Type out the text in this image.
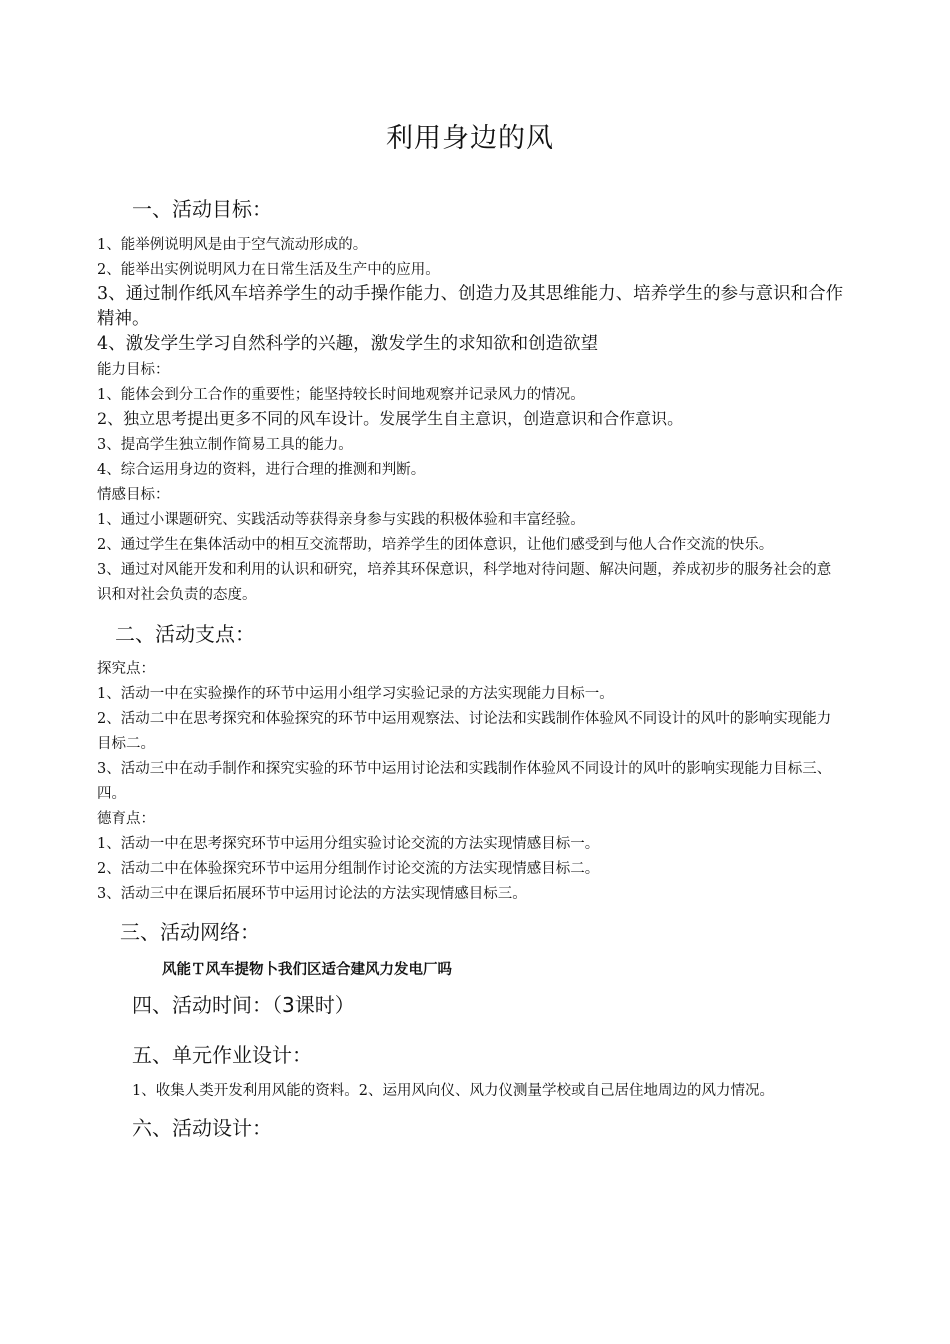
利用身边的风
一、活动目标：
1、能举例说明风是由于空气流动形成的。
2、能举出实例说明风力在日常生活及生产中的应用。
3、通过制作纸风车培养学生的动手操作能力、创造力及其思维能力、培养学生的参与意识和合作精神。
4、激发学生学习自然科学的兴趣，激发学生的求知欲和创造欲望
能力目标：
1、能体会到分工合作的重要性；能坚持较长时间地观察并记录风力的情况。
2、独立思考提出更多不同的风车设计。发展学生自主意识，创造意识和合作意识。
3、提高学生独立制作简易工具的能力。
4、综合运用身边的资料，进行合理的推测和判断。
情感目标：
1、通过小课题研究、实践活动等获得亲身参与实践的积极体验和丰富经验。
2、通过学生在集体活动中的相互交流帮助，培养学生的团体意识，让他们感受到与他人合作交流的快乐。
3、通过对风能开发和利用的认识和研究，培养其环保意识，科学地对待问题、解决问题，养成初步的服务社会的意识和对社会负责的态度。
二、活动支点：
探究点：
1、活动一中在实验操作的环节中运用小组学习实验记录的方法实现能力目标一。
2、活动二中在思考探究和体验探究的环节中运用观察法、讨论法和实践制作体验风不同设计的风叶的影响实现能力目标二。
3、活动三中在动手制作和探究实验的环节中运用讨论法和实践制作体验风不同设计的风叶的影响实现能力目标三、四。
德育点：
1、活动一中在思考探究环节中运用分组实验讨论交流的方法实现情感目标一。
2、活动二中在体验探究环节中运用分组制作讨论交流的方法实现情感目标二。
3、活动三中在课后拓展环节中运用讨论法的方法实现情感目标三。
三、活动网络：
风能Ｔ风车提物卜我们区适合建风力发电厂吗
四、活动时间：（3课时）
五、单元作业设计：
1、收集人类开发利用风能的资料。2、运用风向仪、风力仪测量学校或自己居住地周边的风力情况。
六、活动设计：
